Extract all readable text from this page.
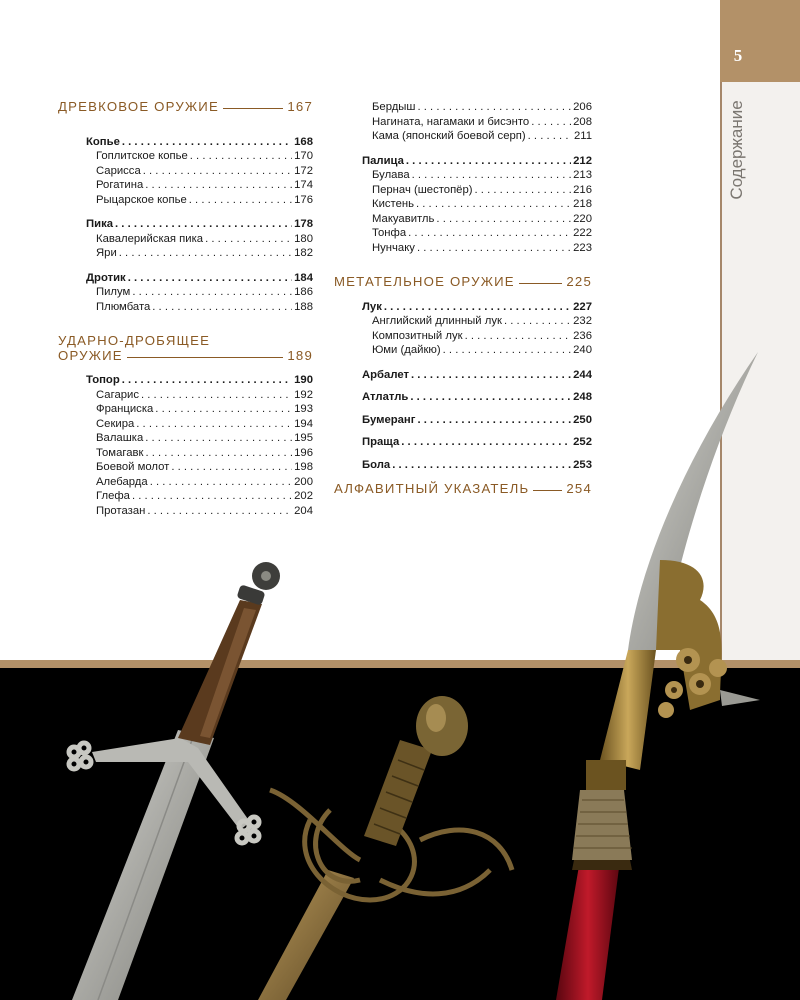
5
Содержание
ДРЕВКОВОЕ ОРУЖИЕ	167
Копье . . .	168
Гоплитское копье . . .	170
Сарисса . . .	172
Рогатина . . .	174
Рыцарское копье . . .	176
Пика . . .	178
Кавалерийская пика . . .	180
Яри . . .	182
Дротик . . .	184
Пилум . . .	186
Плюмбата . . .	188
УДАРНО-ДРОБЯЩЕЕ
ОРУЖИЕ	189
Топор . . .	190
Сагарис . . .	192
Франциска . . .	193
Секира . . .	194
Валашка . . .	195
Томагавк . . .	196
Боевой молот . . .	198
Алебарда . . .	200
Глефа . . .	202
Протазан . . .	204
Бердыш . . .	206
Нагината, нагамаки и бисэнто . . .	208
Кама (японский боевой серп) . . .	211
Палица . . .	212
Булава . . .	213
Пернач (шестопёр) . . .	216
Кистень . . .	218
Макуавитль . . .	220
Тонфа . . .	222
Нунчаку . . .	223
МЕТАТЕЛЬНОЕ ОРУЖИЕ	225
Лук . . .	227
Английский длинный лук . . .	232
Композитный лук . . .	236
Юми (дайкю) . . .	240
Арбалет . . .	244
Атлатль . . .	248
Бумеранг . . .	250
Праща . . .	252
Бола . . .	253
АЛФАВИТНЫЙ УКАЗАТЕЛЬ	254
